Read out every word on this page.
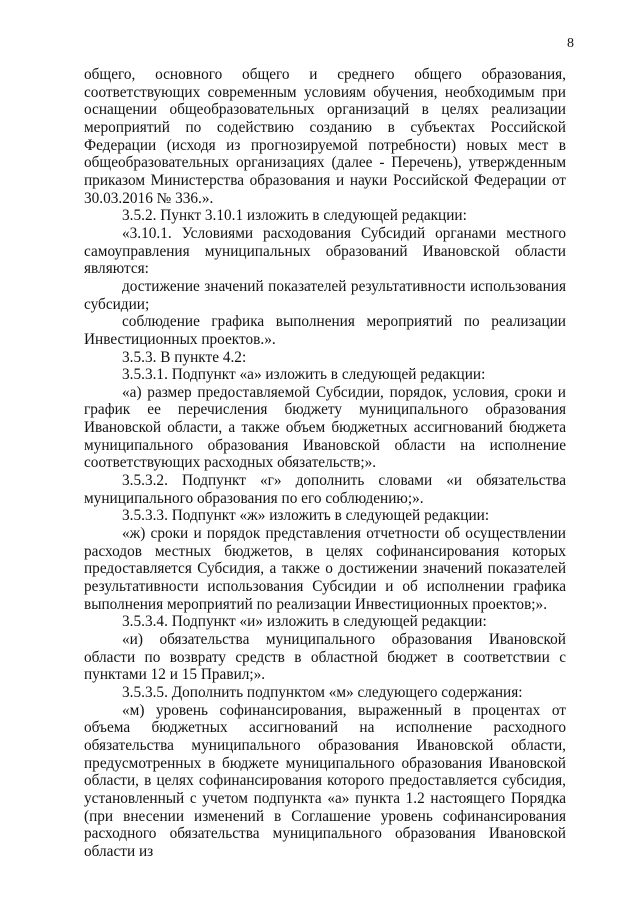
8

общего, основного общего и среднего общего образования, соответствующих современным условиям обучения, необходимым при оснащении общеобразовательных организаций в целях реализации мероприятий по содействию созданию в субъектах Российской Федерации (исходя из прогнозируемой потребности) новых мест в общеобразовательных организациях (далее - Перечень), утвержденным приказом Министерства образования и науки Российской Федерации от 30.03.2016 № 336.».

3.5.2. Пункт 3.10.1 изложить в следующей редакции:

«3.10.1. Условиями расходования Субсидий органами местного самоуправления муниципальных образований Ивановской области являются:

достижение значений показателей результативности использования субсидии;

соблюдение графика выполнения мероприятий по реализации Инвестиционных проектов.».

3.5.3. В пункте 4.2:

3.5.3.1. Подпункт «а» изложить в следующей редакции:

«а) размер предоставляемой Субсидии, порядок, условия, сроки и график ее перечисления бюджету муниципального образования Ивановской области, а также объем бюджетных ассигнований бюджета муниципального образования Ивановской области на исполнение соответствующих расходных обязательств;».

3.5.3.2. Подпункт «г» дополнить словами «и обязательства муниципального образования по его соблюдению;».

3.5.3.3. Подпункт «ж» изложить в следующей редакции:

«ж) сроки и порядок представления отчетности об осуществлении расходов местных бюджетов, в целях софинансирования которых предоставляется Субсидия, а также о достижении значений показателей результативности использования Субсидии и об исполнении графика выполнения мероприятий по реализации Инвестиционных проектов;».

3.5.3.4. Подпункт «и» изложить в следующей редакции:

«и) обязательства муниципального образования Ивановской области по возврату средств в областной бюджет в соответствии с пунктами 12 и 15 Правил;».

3.5.3.5. Дополнить подпунктом «м» следующего содержания:

«м) уровень софинансирования, выраженный в процентах от объема бюджетных ассигнований на исполнение расходного обязательства муниципального образования Ивановской области, предусмотренных в бюджете муниципального образования Ивановской области, в целях софинансирования которого предоставляется субсидия, установленный с учетом подпункта «а» пункта 1.2 настоящего Порядка (при внесении изменений в Соглашение уровень софинансирования расходного обязательства муниципального образования Ивановской области из
